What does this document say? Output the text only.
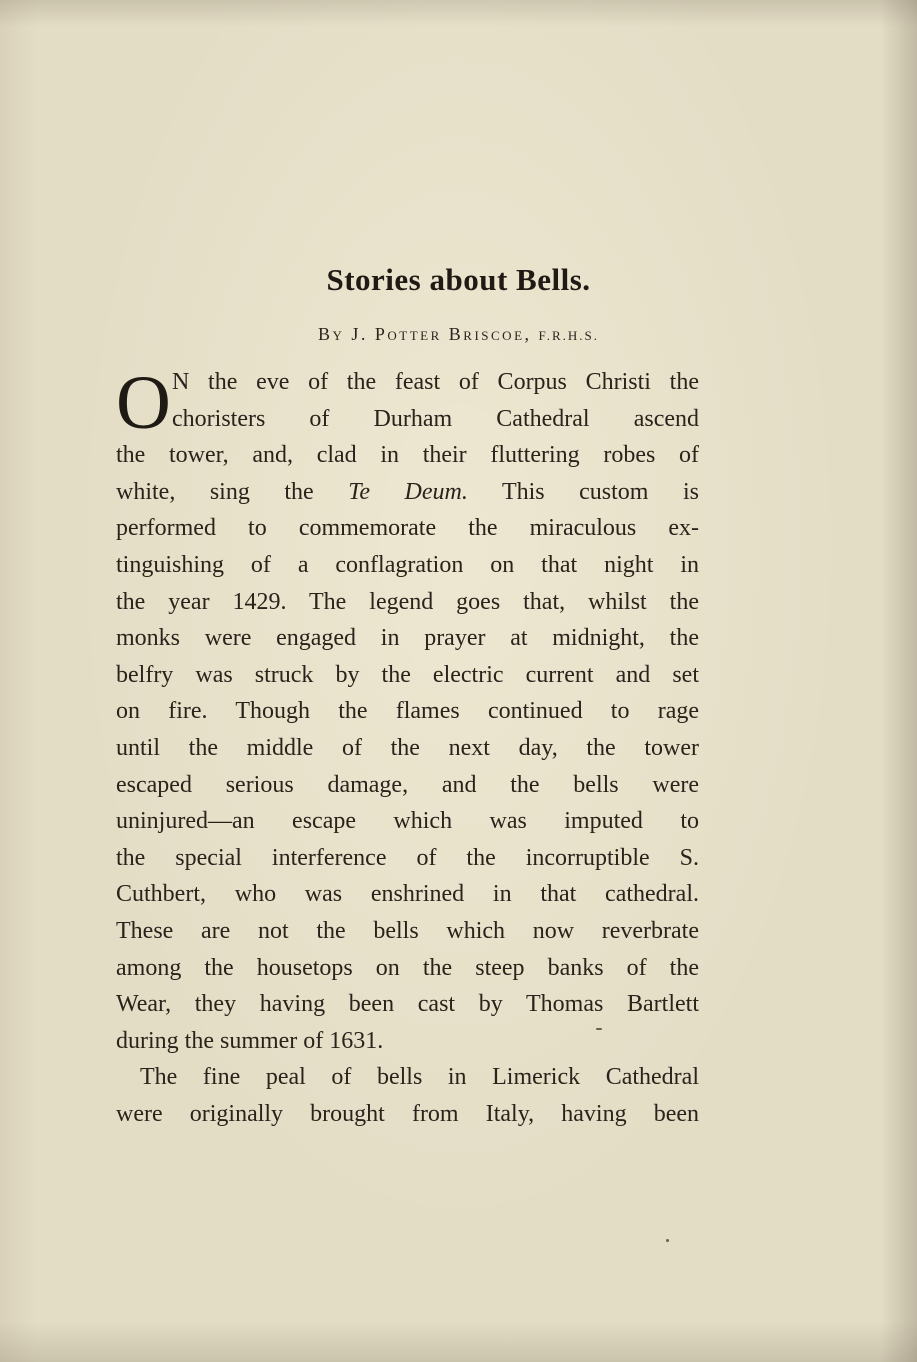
Stories about Bells.
By J. Potter Briscoe, F.R.H.S.
O N the eve of the feast of Corpus Christi the
choristers of Durham Cathedral ascend
the tower, and, clad in their fluttering robes of
white, sing the Te Deum. This custom is
performed to commemorate the miraculous ex-
tinguishing of a conflagration on that night in
the year 1429. The legend goes that, whilst the
monks were engaged in prayer at midnight, the
belfry was struck by the electric current and set
on fire. Though the flames continued to rage
until the middle of the next day, the tower
escaped serious damage, and the bells were
uninjured—an escape which was imputed to
the special interference of the incorruptible S.
Cuthbert, who was enshrined in that cathedral.
These are not the bells which now reverbrate
among the housetops on the steep banks of the
Wear, they having been cast by Thomas Bartlett
during the summer of 1631.
The fine peal of bells in Limerick Cathedral
were originally brought from Italy, having been
